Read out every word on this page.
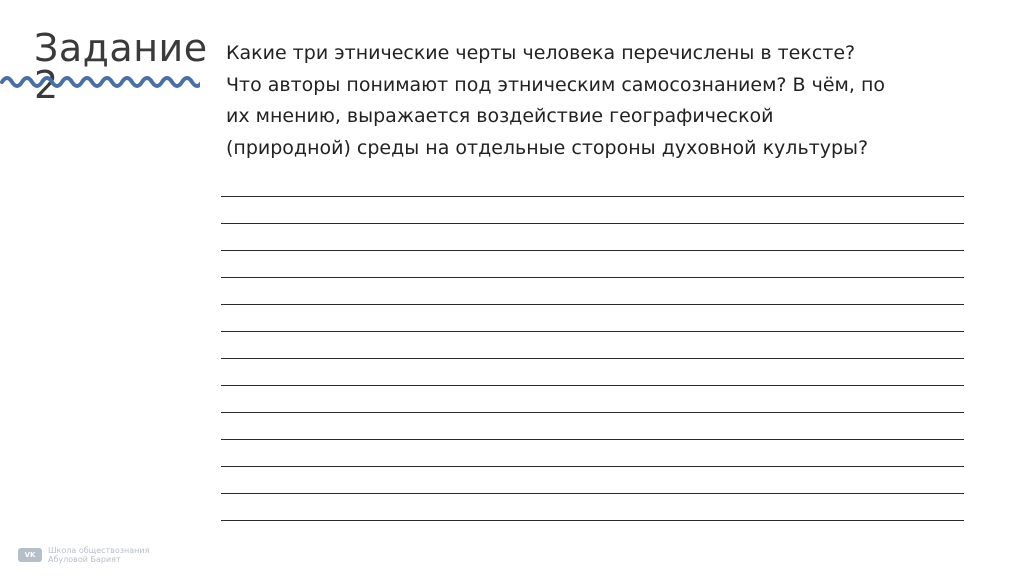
Задание
2
Какие три этнические черты человека перечислены в тексте?
Что авторы понимают под этническим самосознанием? В чём, по
их мнению, выражается воздействие географической
(природной) среды на отдельные стороны духовной культуры?
VK	Школа обществознания
Абуловой Барият
